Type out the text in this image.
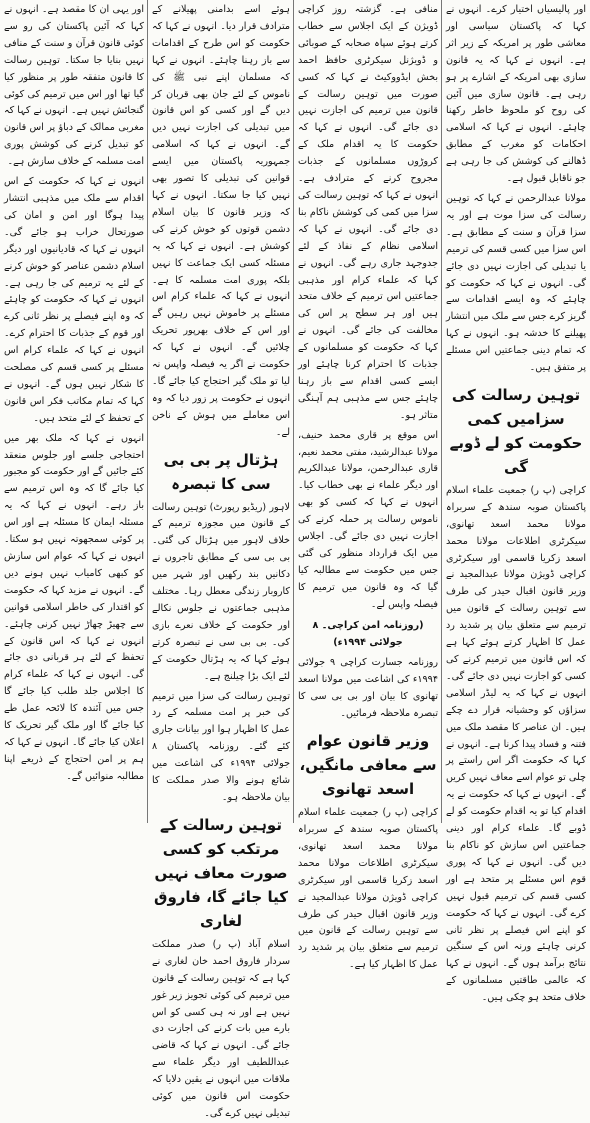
اور پالیسیاں اختیار کرے۔ انہوں نے کہا کہ پاکستان سیاسی اور معاشی طور پر امریکہ کے زیر اثر ہے۔ انہوں نے کہا کہ یہ قانون سازی بھی امریکہ کے اشارے پر ہو رہی ہے۔ قانون سازی میں آئین کی روح کو ملحوظ خاطر رکھنا چاہئے۔ انہوں نے کہا کہ اسلامی احکامات کو مغرب کے مطابق ڈھالنے کی کوشش کی جا رہی ہے جو ناقابل قبول ہے۔
مولانا عبدالرحمن نے کہا کہ توہین رسالت کی سزا موت ہے اور یہ سزا قرآن و سنت کے مطابق ہے۔ اس سزا میں کسی قسم کی ترمیم یا تبدیلی کی اجازت نہیں دی جائے گی۔ انہوں نے کہا کہ حکومت کو چاہئے کہ وہ ایسے اقدامات سے گریز کرے جس سے ملک میں انتشار پھیلنے کا خدشہ ہو۔ انہوں نے کہا کہ تمام دینی جماعتیں اس مسئلے پر متفق ہیں۔
توہین رسالت کی سزامیں کمی حکومت کو لے ڈوبے گی
کراچی (پ ر) جمعیت علماء اسلام پاکستان صوبہ سندھ کے سربراہ مولانا محمد اسعد تھانوی، سیکرٹری اطلاعات مولانا محمد اسعد زکریا قاسمی اور سیکرٹری کراچی ڈویژن مولانا عبدالمجید نے وزیر قانون اقبال حیدر کی طرف سے توہین رسالت کے قانون میں ترمیم سے متعلق بیان پر شدید رد عمل کا اظہار کرتے ہوئے کہا ہے کہ اس قانون میں ترمیم کرنے کی کسی کو اجازت نہیں دی جائے گی۔ انہوں نے کہا کہ یہ لیڈر اسلامی سزاؤں کو وحشیانہ قرار دے چکے ہیں۔ ان عناصر کا مقصد ملک میں فتنہ و فساد پیدا کرنا ہے۔ انہوں نے کہا کہ حکومت اگر اس راستے پر چلی تو عوام اسے معاف نہیں کریں گے۔ انہوں نے کہا کہ حکومت نے یہ اقدام کیا تو یہ اقدام حکومت کو لے ڈوبے گا۔ علماء کرام اور دینی جماعتیں اس سازش کو ناکام بنا دیں گی۔ انہوں نے کہا کہ پوری قوم اس مسئلے پر متحد ہے اور کسی قسم کی ترمیم قبول نہیں کرے گی۔ انہوں نے کہا کہ حکومت کو اپنے اس فیصلے پر نظر ثانی کرنی چاہئے ورنہ اس کے سنگین نتائج برآمد ہوں گے۔ انہوں نے کہا کہ عالمی طاقتیں مسلمانوں کے خلاف متحد ہو چکی ہیں۔
منافی ہے۔ گزشتہ روز کراچی ڈویژن کے ایک اجلاس سے خطاب کرتے ہوئے سپاہ صحابہ کے صوبائی و ڈویژنل سیکرٹری حافظ احمد بخش ایڈووکیٹ نے کہا کہ کسی صورت میں توہین رسالت کے قانون میں ترمیم کی اجازت نہیں دی جائے گی۔ انہوں نے کہا کہ حکومت کا یہ اقدام ملک کے کروڑوں مسلمانوں کے جذبات مجروح کرنے کے مترادف ہے۔ انہوں نے کہا کہ توہین رسالت کی سزا میں کمی کی کوشش ناکام بنا دی جائے گی۔ انہوں نے کہا کہ اسلامی نظام کے نفاذ کے لئے جدوجہد جاری رہے گی۔ انہوں نے کہا کہ علماء کرام اور مذہبی جماعتیں اس ترمیم کے خلاف متحد ہیں اور ہر سطح پر اس کی مخالفت کی جائے گی۔ انہوں نے کہا کہ حکومت کو مسلمانوں کے جذبات کا احترام کرنا چاہئے اور ایسے کسی اقدام سے باز رہنا چاہئے جس سے مذہبی ہم آہنگی متاثر ہو۔
اس موقع پر قاری محمد حنیف، مولانا عبدالرشید، مفتی محمد نعیم، قاری عبدالرحمن، مولانا عبدالکریم اور دیگر علماء نے بھی خطاب کیا۔ انہوں نے کہا کہ کسی کو بھی ناموس رسالت پر حملہ کرنے کی اجازت نہیں دی جائے گی۔ اجلاس میں ایک قرارداد منظور کی گئی جس میں حکومت سے مطالبہ کیا گیا کہ وہ قانون میں ترمیم کا فیصلہ واپس لے۔
(روزنامہ امن کراچی۔ ۸ جولائی ۱۹۹۴ء)
روزنامہ جسارت کراچی ۹ جولائی ۱۹۹۴ء کی اشاعت میں مولانا اسعد تھانوی کا بیان اور بی بی سی کا تبصرہ ملاحظہ فرمائیں۔
وزیر قانون عوام سے معافی مانگیں، اسعد تھانوی
کراچی (پ ر) جمعیت علماء اسلام پاکستان صوبہ سندھ کے سربراہ مولانا محمد اسعد تھانوی، سیکرٹری اطلاعات مولانا محمد اسعد زکریا قاسمی اور سیکرٹری کراچی ڈویژن مولانا عبدالمجید نے وزیر قانون اقبال حیدر کی طرف سے توہین رسالت کے قانون میں ترمیم سے متعلق بیان پر شدید رد عمل کا اظہار کیا ہے۔
ہوئے اسے بدامنی پھیلانے کے مترادف قرار دیا۔ انہوں نے کہا کہ حکومت کو اس طرح کے اقدامات سے باز رہنا چاہئے۔ انہوں نے کہا کہ مسلمان اپنے نبی ﷺ کی ناموس کے لئے جان بھی قربان کر دیں گے اور کسی کو اس قانون میں تبدیلی کی اجازت نہیں دیں گے۔ انہوں نے کہا کہ اسلامی جمہوریہ پاکستان میں ایسے قوانین کی تبدیلی کا تصور بھی نہیں کیا جا سکتا۔ انہوں نے کہا کہ وزیر قانون کا بیان اسلام دشمن قوتوں کو خوش کرنے کی کوشش ہے۔ انہوں نے کہا کہ یہ مسئلہ کسی ایک جماعت کا نہیں بلکہ پوری امت مسلمہ کا ہے۔ انہوں نے کہا کہ علماء کرام اس مسئلے پر خاموش نہیں رہیں گے اور اس کے خلاف بھرپور تحریک چلائیں گے۔ انہوں نے کہا کہ حکومت نے اگر یہ فیصلہ واپس نہ لیا تو ملک گیر احتجاج کیا جائے گا۔ انہوں نے حکومت پر زور دیا کہ وہ اس معاملے میں ہوش کے ناخن لے۔
ہڑتال پر بی بی سی کا تبصرہ
لاہور (ریڈیو رپورٹ) توہین رسالت کے قانون میں مجوزہ ترمیم کے خلاف لاہور میں ہڑتال کی گئی۔ بی بی سی کے مطابق تاجروں نے دکانیں بند رکھیں اور شہر میں کاروبار زندگی معطل رہا۔ مختلف مذہبی جماعتوں نے جلوس نکالے اور حکومت کے خلاف نعرے بازی کی۔ بی بی سی نے تبصرہ کرتے ہوئے کہا کہ یہ ہڑتال حکومت کے لئے ایک بڑا چیلنج ہے۔
توہین رسالت کی سزا میں ترمیم کی خبر پر امت مسلمہ کے رد عمل کا اظہار ہوا اور بیانات جاری کئے گئے۔ روزنامہ پاکستان ۸ جولائی ۱۹۹۴ء کی اشاعت میں شائع ہونے والا صدر مملکت کا بیان ملاحظہ ہو۔
توہین رسالت کے مرتکب کو کسی صورت معاف نہیں کیا جائے گا، فاروق لغاری
اسلام آباد (پ ر) صدر مملکت سردار فاروق احمد خان لغاری نے کہا ہے کہ توہین رسالت کے قانون میں ترمیم کی کوئی تجویز زیر غور نہیں ہے اور نہ ہی کسی کو اس بارے میں بات کرنے کی اجازت دی جائے گی۔ انہوں نے کہا کہ قاضی عبداللطیف اور دیگر علماء سے ملاقات میں انہوں نے یقین دلایا کہ حکومت اس قانون میں کوئی تبدیلی نہیں کرے گی۔
اور یہی ان کا مقصد ہے۔ انہوں نے کہا کہ آئین پاکستان کی رو سے کوئی قانون قرآن و سنت کے منافی نہیں بنایا جا سکتا۔ توہین رسالت کا قانون متفقہ طور پر منظور کیا گیا تھا اور اس میں ترمیم کی کوئی گنجائش نہیں ہے۔ انہوں نے کہا کہ مغربی ممالک کے دباؤ پر اس قانون کو تبدیل کرنے کی کوشش پوری امت مسلمہ کے خلاف سازش ہے۔
انہوں نے کہا کہ حکومت کے اس اقدام سے ملک میں مذہبی انتشار پیدا ہوگا اور امن و امان کی صورتحال خراب ہو جائے گی۔ انہوں نے کہا کہ قادیانیوں اور دیگر اسلام دشمن عناصر کو خوش کرنے کے لئے یہ ترمیم کی جا رہی ہے۔ انہوں نے کہا کہ حکومت کو چاہئے کہ وہ اپنے فیصلے پر نظر ثانی کرے اور قوم کے جذبات کا احترام کرے۔ انہوں نے کہا کہ علماء کرام اس مسئلے پر کسی قسم کی مصلحت کا شکار نہیں ہوں گے۔ انہوں نے کہا کہ تمام مکاتب فکر اس قانون کے تحفظ کے لئے متحد ہیں۔
انہوں نے کہا کہ ملک بھر میں احتجاجی جلسے اور جلوس منعقد کئے جائیں گے اور حکومت کو مجبور کیا جائے گا کہ وہ اس ترمیم سے باز رہے۔ انہوں نے کہا کہ یہ مسئلہ ایمان کا مسئلہ ہے اور اس پر کوئی سمجھوتہ نہیں ہو سکتا۔ انہوں نے کہا کہ عوام اس سازش کو کبھی کامیاب نہیں ہونے دیں گے۔ انہوں نے مزید کہا کہ حکومت کو اقتدار کی خاطر اسلامی قوانین سے چھیڑ چھاڑ نہیں کرنی چاہئے۔ انہوں نے کہا کہ اس قانون کے تحفظ کے لئے ہر قربانی دی جائے گی۔ انہوں نے کہا کہ علماء کرام کا اجلاس جلد طلب کیا جائے گا جس میں آئندہ کا لائحہ عمل طے کیا جائے گا اور ملک گیر تحریک کا اعلان کیا جائے گا۔ انہوں نے کہا کہ ہم پر امن احتجاج کے ذریعے اپنا مطالبہ منوائیں گے۔
